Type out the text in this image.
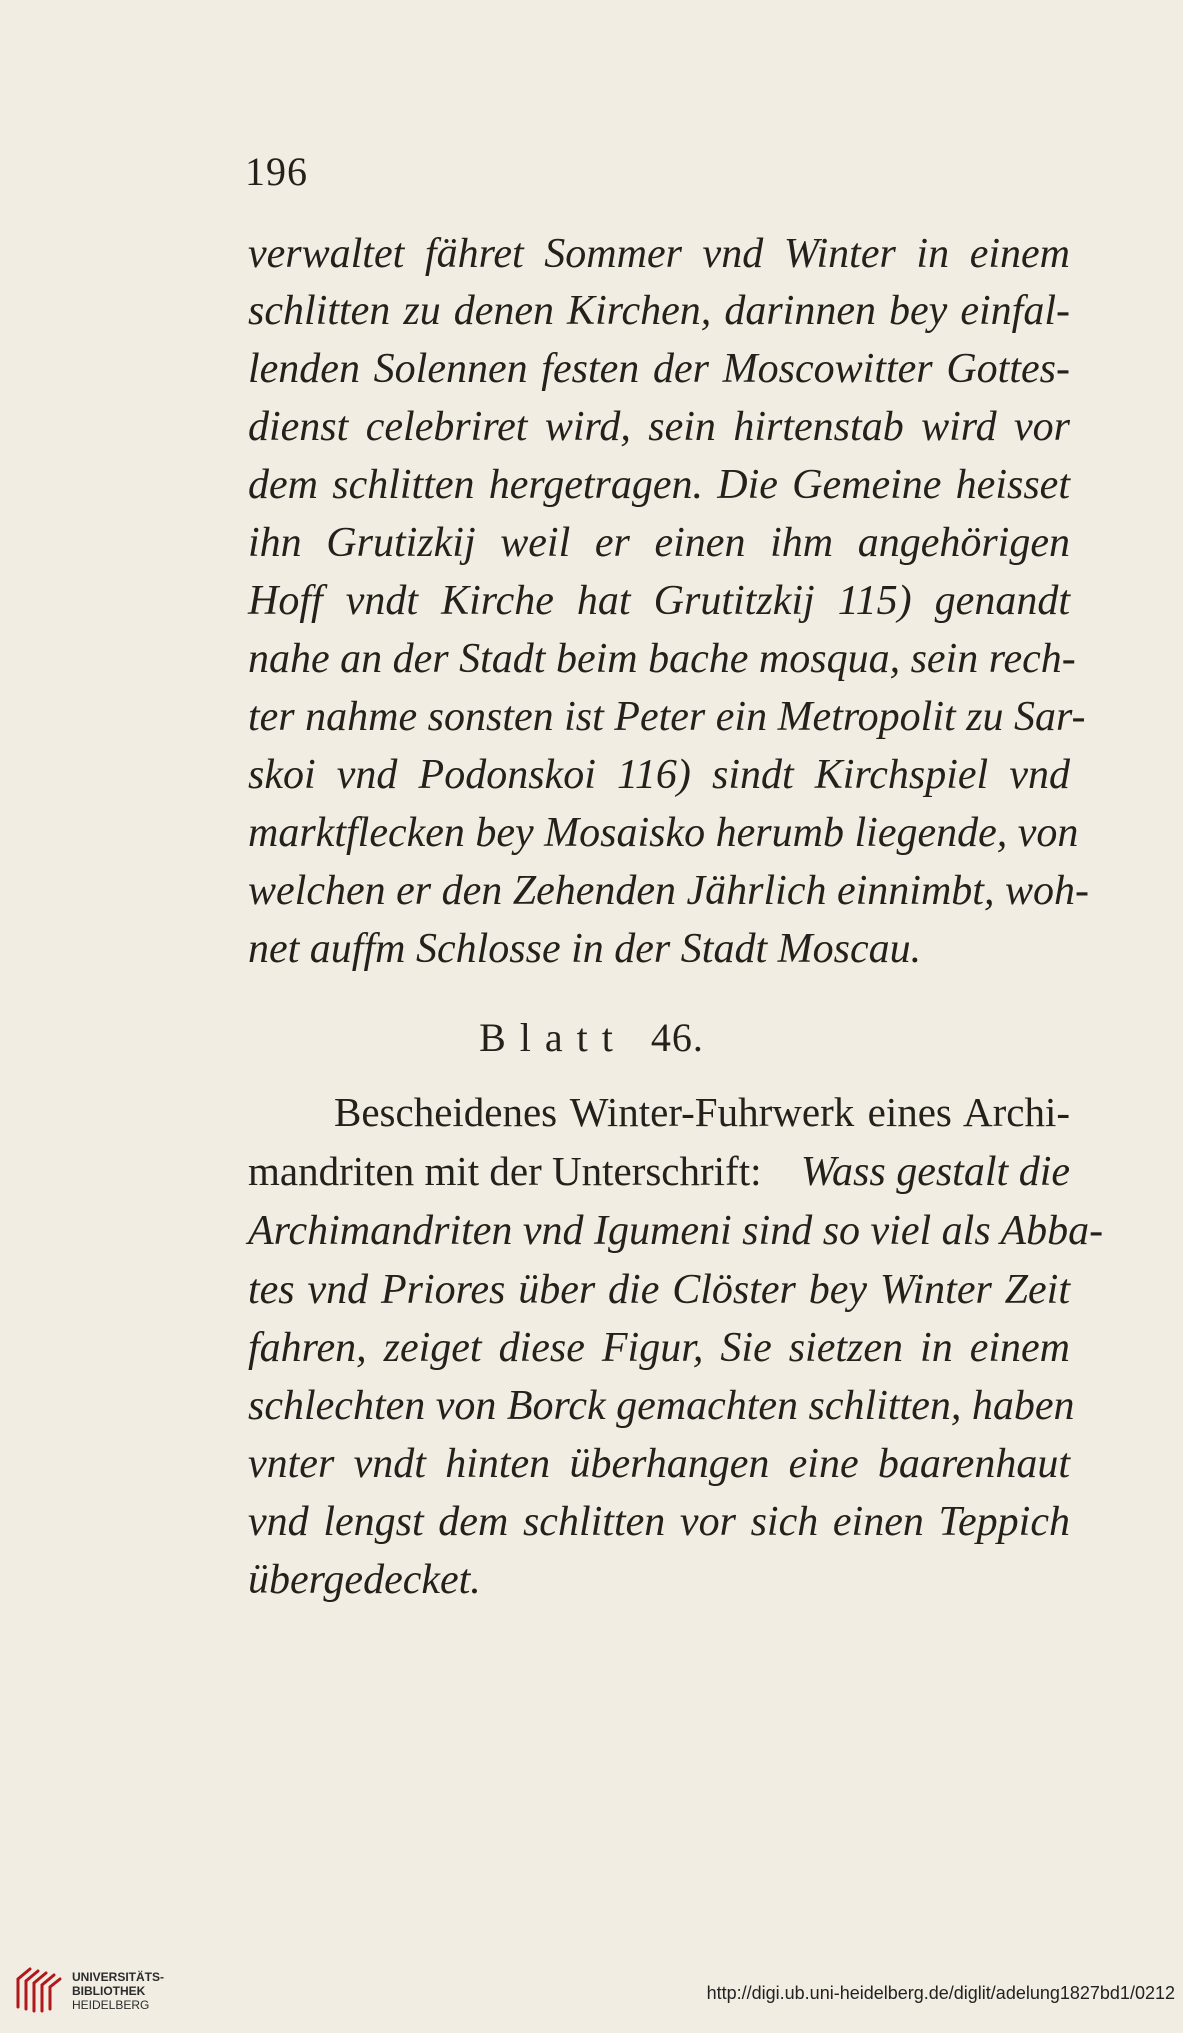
196
verwaltet fähret Sommer vnd Winter in einem
schlitten zu denen Kirchen, darinnen bey einfal-
lenden Solennen festen der Moscowitter Gottes-
dienst celebriret wird, sein hirtenstab wird vor
dem schlitten hergetragen. Die Gemeine heisset
ihn Grutizkij weil er einen ihm angehörigen
Hoff vndt Kirche hat Grutitzkij 115) genandt
nahe an der Stadt beim bache mosqua, sein rech-
ter nahme sonsten ist Peter ein Metropolit zu Sar-
skoi vnd Podonskoi 116) sindt Kirchspiel vnd
marktflecken bey Mosaisko herumb liegende, von
welchen er den Zehenden Jährlich einnimbt, woh-
net auffm Schlosse in der Stadt Moscau.
Blatt 46.
Bescheidenes Winter-Fuhrwerk eines Archi-
mandriten mit der Unterschrift: Wass gestalt die
Archimandriten vnd Igumeni sind so viel als Abba-
tes vnd Priores über die Clöster bey Winter Zeit
fahren, zeiget diese Figur, Sie sietzen in einem
schlechten von Borck gemachten schlitten, haben
vnter vndt hinten überhangen eine baarenhaut
vnd lengst dem schlitten vor sich einen Teppich
übergedecket.
UNIVERSITÄTS-
BIBLIOTHEK
HEIDELBERG
http://digi.ub.uni-heidelberg.de/diglit/adelung1827bd1/0212
